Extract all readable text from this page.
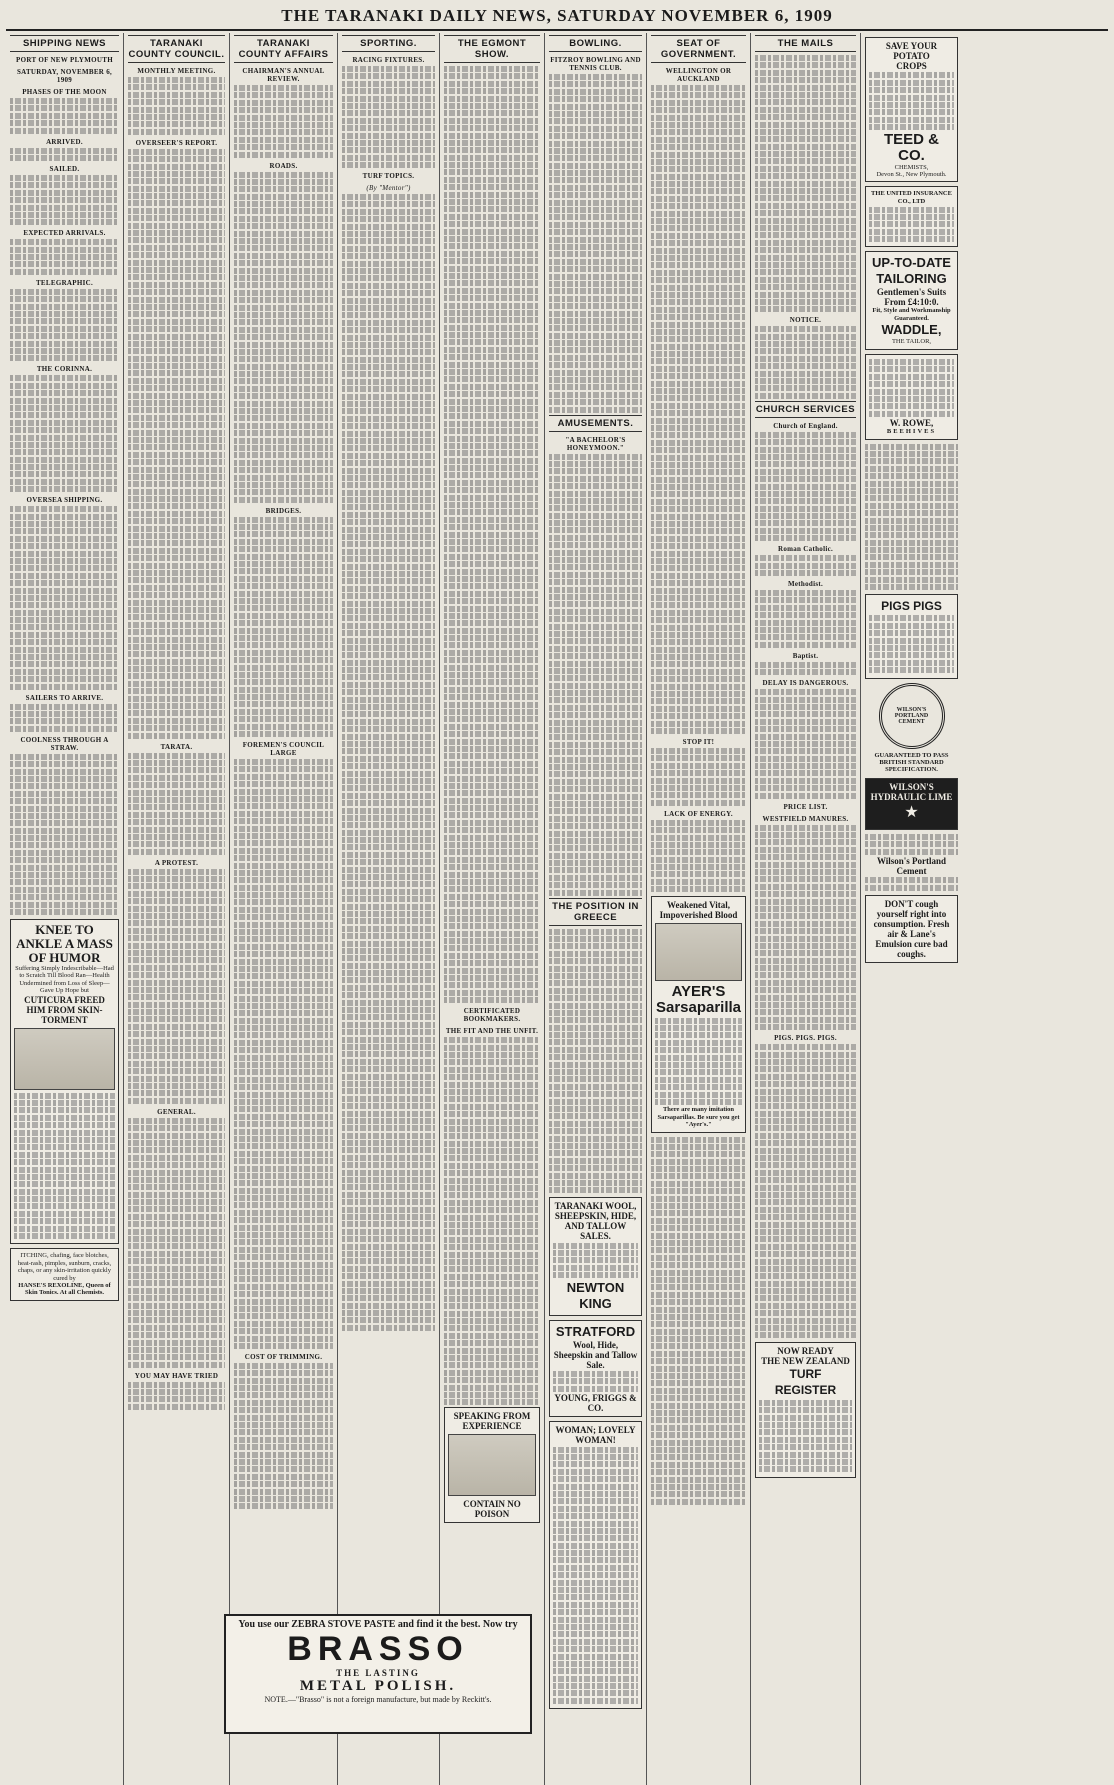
THE TARANAKI DAILY NEWS, SATURDAY NOVEMBER 6, 1909
SHIPPING NEWS
PORT OF NEW PLYMOUTH
SATURDAY, NOVEMBER 6, 1909
PHASES OF THE MOON
ARRIVED.
SAILED.
EXPECTED ARRIVALS.
TELEGRAPHIC.
THE CORINNA.
OVERSEA SHIPPING.
SAILERS TO ARRIVE.
COOLNESS THROUGH A STRAW.
KNEE TO ANKLE A MASS OF HUMOR
Suffering Simply Indescribable—Had to Scratch Till Blood Ran—Health Undermined from Loss of Sleep—Gave Up Hope but
CUTICURA FREED HIM FROM SKIN-TORMENT
ITCHING, chafing, face blotches, heat-rash, pimples, sunburn, cracks, chaps, or any skin-irritation quickly cured by
HANSE'S REXOLINE, Queen of Skin Tonics. At all Chemists.
TARANAKI COUNTY COUNCIL.
MONTHLY MEETING.
OVERSEER'S REPORT.
TARATA.
A PROTEST.
GENERAL.
YOU MAY HAVE TRIED
TARANAKI COUNTY AFFAIRS
CHAIRMAN'S ANNUAL REVIEW.
ROADS.
BRIDGES.
FOREMEN'S COUNCIL LARGE
COST OF TRIMMING.
SPORTING.
RACING FIXTURES.
TURF TOPICS.
(By "Mentor")
THE EGMONT SHOW.
CERTIFICATED BOOKMAKERS.
THE FIT AND THE UNFIT.
SPEAKING FROM EXPERIENCE
CONTAIN NO POISON
BOWLING.
FITZROY BOWLING AND TENNIS CLUB.
AMUSEMENTS.
"A BACHELOR'S HONEYMOON."
THE POSITION IN GREECE
TARANAKI WOOL, SHEEPSKIN, HIDE, AND TALLOW SALES.
NEWTON KING
STRATFORD
Wool, Hide, Sheepskin and Tallow Sale.
YOUNG, FRIGGS & CO.
WOMAN; LOVELY WOMAN!
SEAT OF GOVERNMENT.
WELLINGTON OR AUCKLAND
STOP IT!
LACK OF ENERGY.
Weakened Vital, Impoverished Blood
AYER'S Sarsaparilla
There are many imitation Sarsaparillas. Be sure you get "Ayer's."
THE MAILS
NOTICE.
CHURCH SERVICES
Church of England.
Roman Catholic.
Methodist.
Baptist.
DELAY IS DANGEROUS.
PRICE LIST.
WESTFIELD MANURES.
PIGS. PIGS. PIGS.
NOW READY
THE NEW ZEALAND
TURF REGISTER
SAVE YOUR
POTATO
CROPS
TEED & CO.
CHEMISTS,
Devon St., New Plymouth.
THE UNITED INSURANCE CO., LTD
UP-TO-DATE
TAILORING
Gentlemen's Suits
From £4:10:0.
Fit, Style and Workmanship Guaranteed.
WADDLE,
THE TAILOR,
W. ROWE,
BEEHIVES
PIGS PIGS
WILSON'S PORTLAND CEMENT
GUARANTEED TO PASS BRITISH STANDARD SPECIFICATION.
WILSON'S HYDRAULIC LIME
★
Wilson's Portland Cement
DON'T cough yourself right into consumption. Fresh air & Lane's Emulsion cure bad coughs.
You use our ZEBRA STOVE PASTE and find it the best. Now try
BRASSO
THE LASTING
METAL POLISH.
NOTE.—"Brasso" is not a foreign manufacture, but made by Reckitt's.
